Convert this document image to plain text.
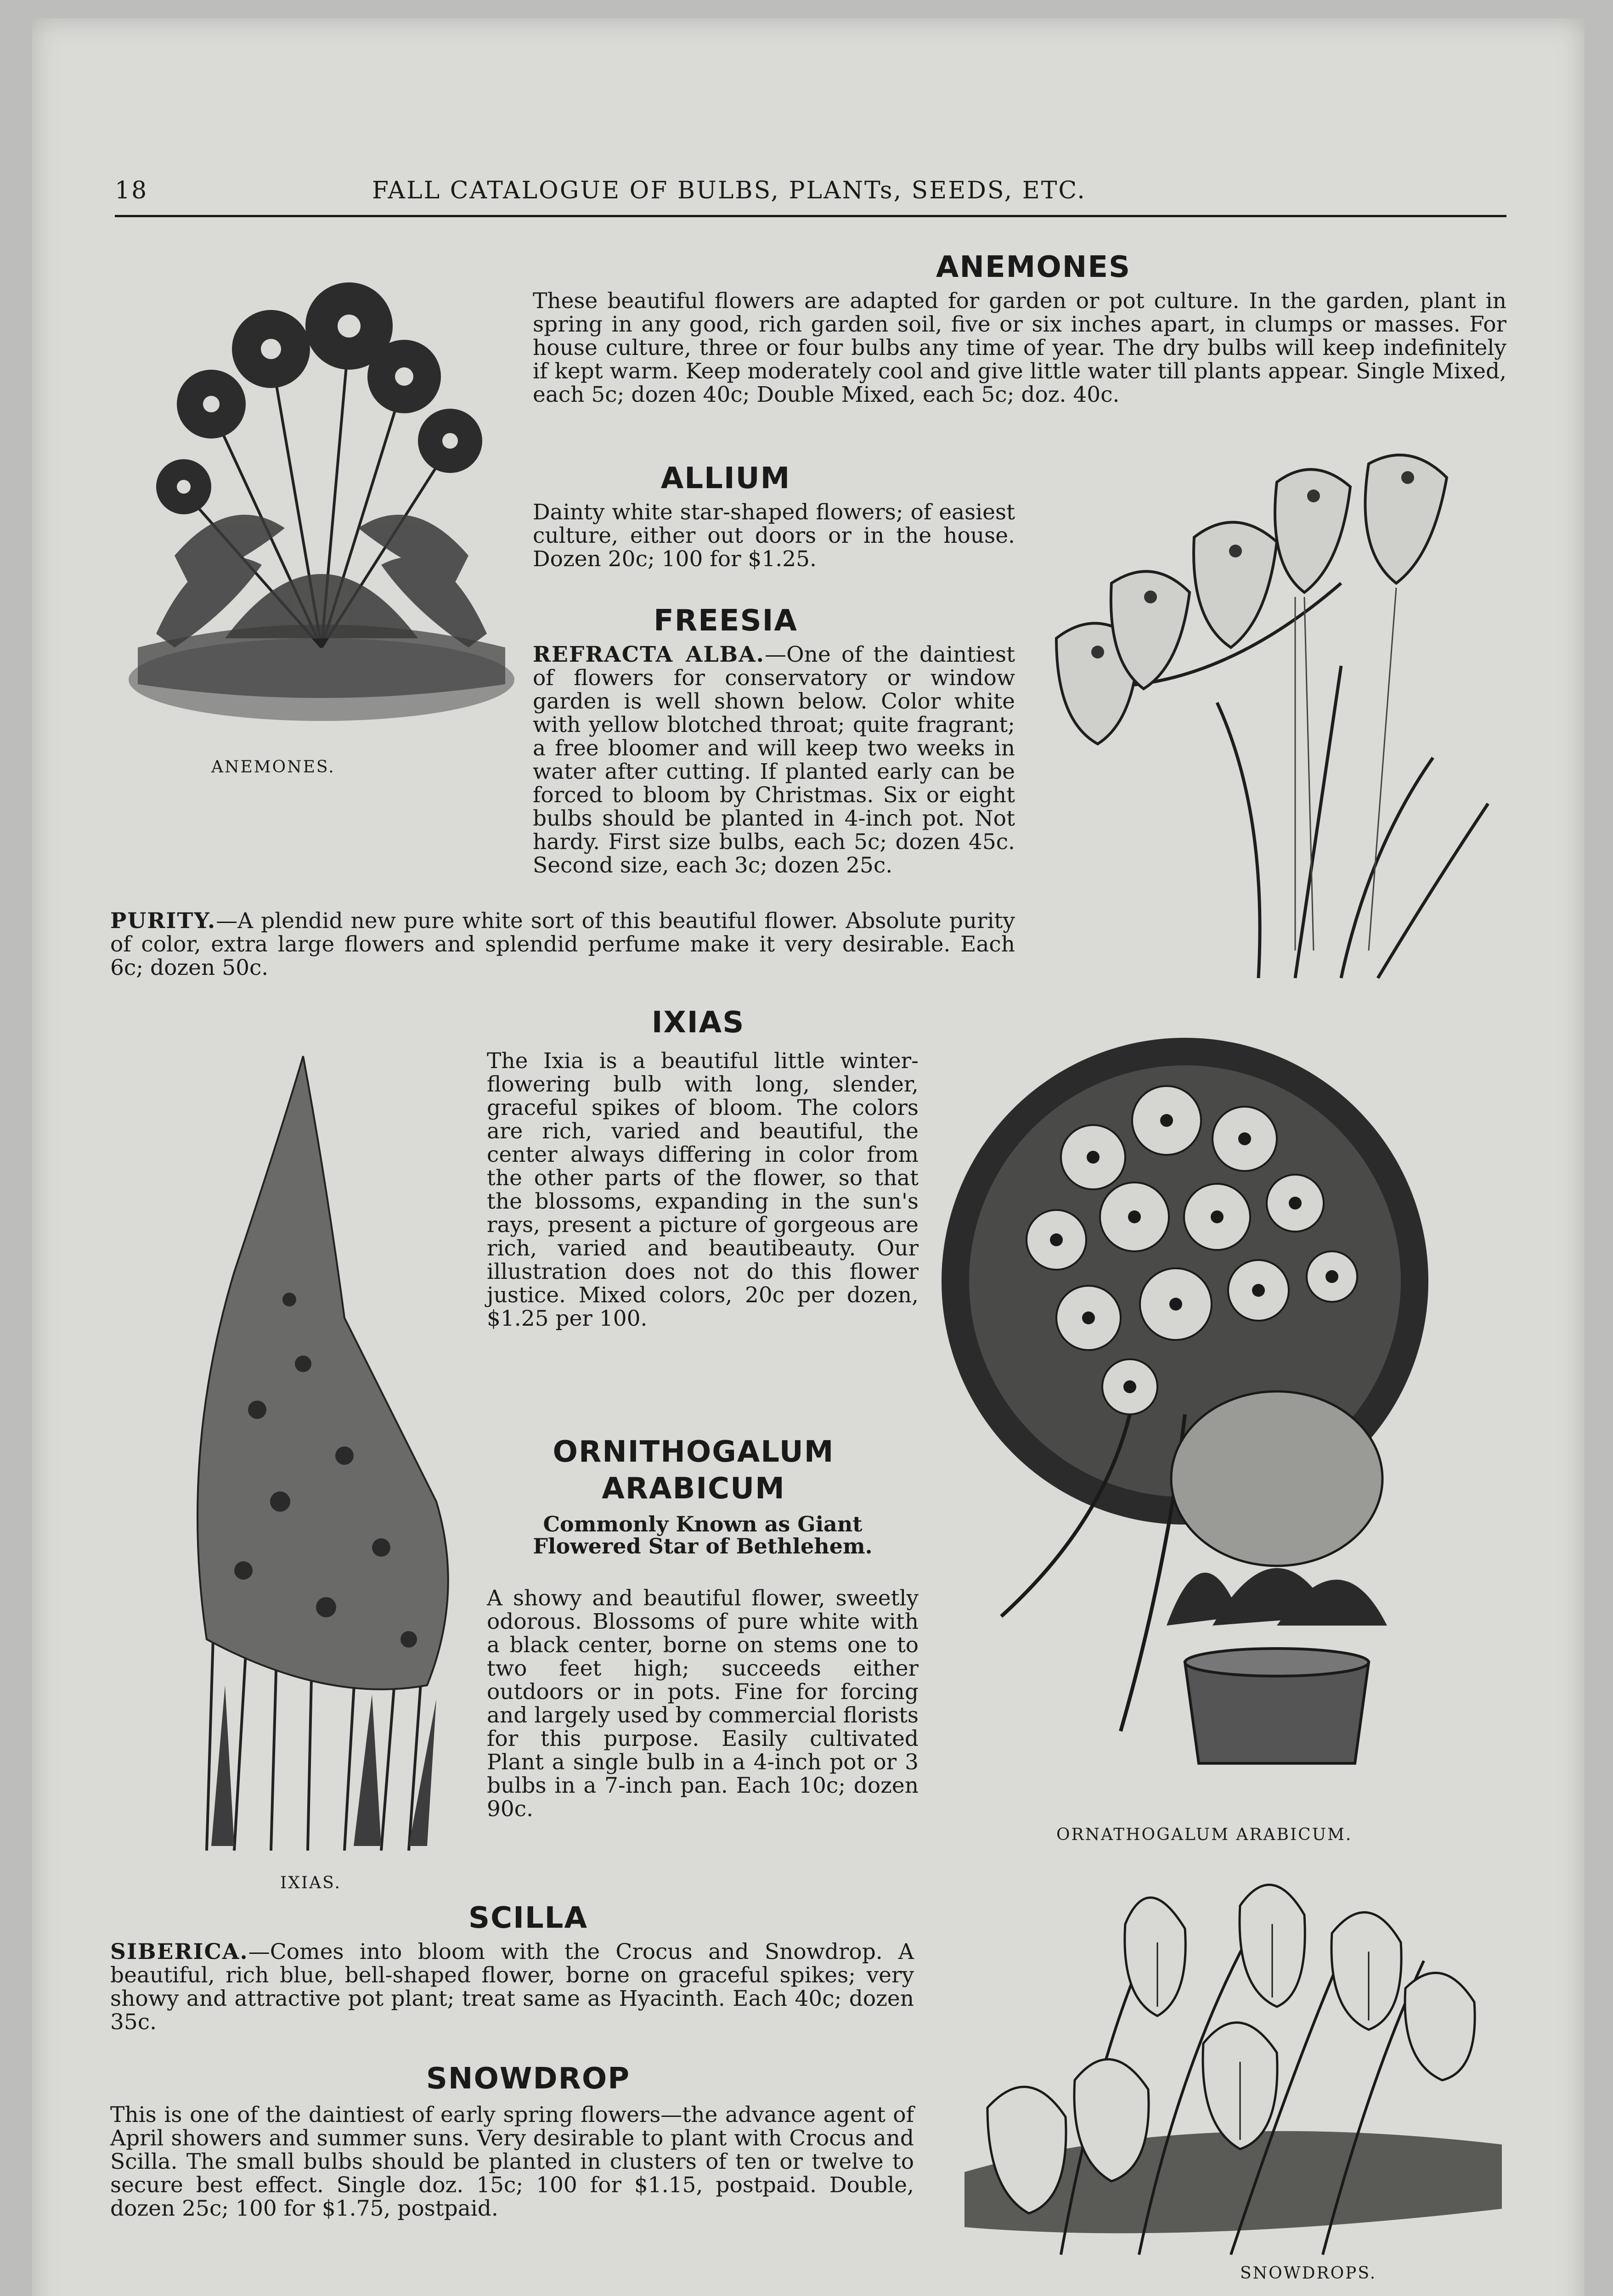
18	FALL CATALOGUE OF BULBS, PLANTs, SEEDS, ETC.
ANEMONES.
ANEMONES

These beautiful flowers are adapted for garden or pot culture. In the garden, plant in spring in any good, rich garden soil, five or six inches apart, in clumps or masses. For house culture, three or four bulbs any time of year. The dry bulbs will keep indefinitely if kept warm. Keep moderately cool and give little water till plants appear. Single Mixed, each 5c; dozen 40c; Double Mixed, each 5c; doz. 40c.

ALLIUM

Dainty white star-shaped flowers; of easiest culture, either out doors or in the house. Dozen 20c; 100 for $1.25.

FREESIA

REFRACTA ALBA.—One of the daintiest of flowers for conservatory or window garden is well shown below. Color white with yellow blotched throat; quite fragrant; a free bloomer and will keep two weeks in water after cutting. If planted early can be forced to bloom by Christmas. Six or eight bulbs should be planted in 4-inch pot. Not hardy. First size bulbs, each 5c; dozen 45c. Second size, each 3c; dozen 25c.

PURITY.—A plendid new pure white sort of this beautiful flower. Absolute purity of color, extra large flowers and splendid perfume make it very desirable. Each 6c; dozen 50c.

IXIAS

The Ixia is a beautiful little winter-flowering bulb with long, slender, graceful spikes of bloom. The colors are rich, varied and beautiful, the center always differing in color from the other parts of the flower, so that the blossoms, expanding in the sun's rays, present a picture of gorgeous are rich, varied and beautibeauty. Our illustration does not do this flower justice. Mixed colors, 20c per dozen, $1.25 per 100.

IXIAS.
ORNITHOGALUM
ARABICUM
Commonly Known as Giant Flowered Star of Bethlehem.

A showy and beautiful flower, sweetly odorous. Blossoms of pure white with a black center, borne on stems one to two feet high; succeeds either outdoors or in pots. Fine for forcing and largely used by commercial florists for this purpose. Easily cultivated Plant a single bulb in a 4-inch pot or 3 bulbs in a 7-inch pan. Each 10c; dozen 90c.

ORNATHOGALUM ARABICUM.
SCILLA

SIBERICA.—Comes into bloom with the Crocus and Snowdrop. A beautiful, rich blue, bell-shaped flower, borne on graceful spikes; very showy and attractive pot plant; treat same as Hyacinth. Each 40c; dozen 35c.

SNOWDROP

This is one of the daintiest of early spring flowers—the advance agent of April showers and summer suns. Very desirable to plant with Crocus and Scilla. The small bulbs should be planted in clusters of ten or twelve to secure best effect. Single doz. 15c; 100 for $1.15, postpaid. Double, dozen 25c; 100 for $1.75, postpaid.

SNOWDROPS.
